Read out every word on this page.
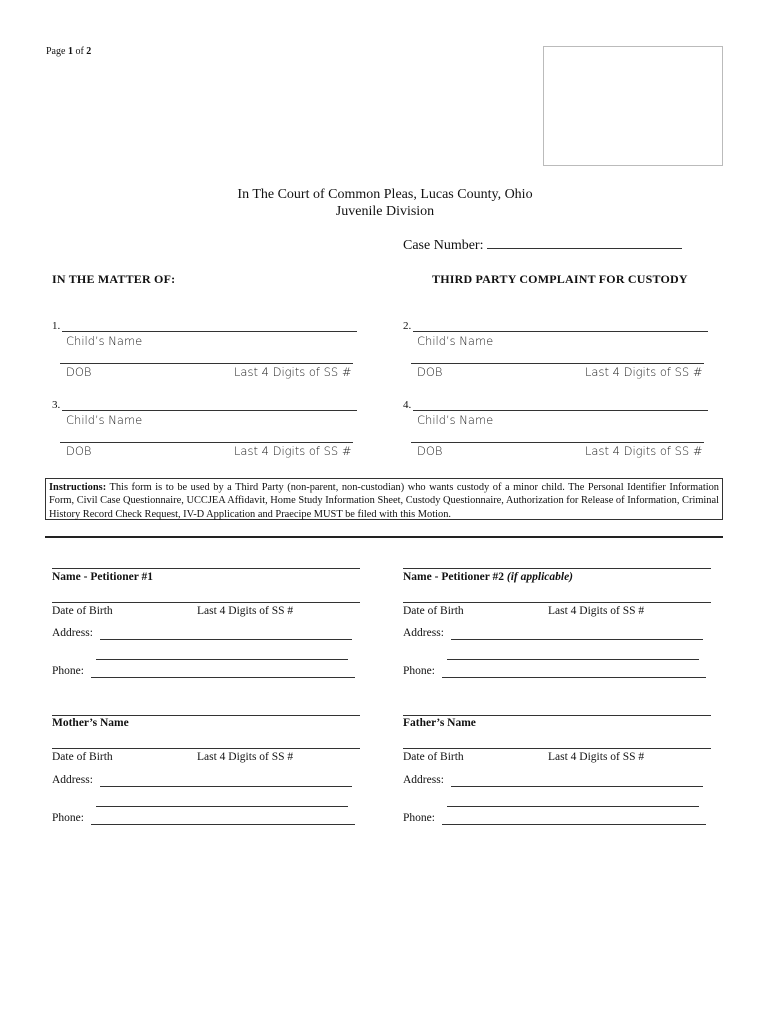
Page 1 of 2
In The Court of Common Pleas, Lucas County, Ohio
Juvenile Division
Case Number:
IN THE MATTER OF:	THIRD PARTY COMPLAINT FOR CUSTODY
1.
Child’s Name
DOB	Last 4 Digits of SS #
2.
Child’s Name
DOB	Last 4 Digits of SS #
3.
Child’s Name
DOB	Last 4 Digits of SS #
4.
Child’s Name
DOB	Last 4 Digits of SS #
Instructions: This form is to be used by a Third Party (non-parent, non-custodian) who wants custody of a minor child. The Personal Identifier Information Form, Civil Case Questionnaire, UCCJEA Affidavit, Home Study Information Sheet, Custody Questionnaire, Authorization for Release of Information, Criminal History Record Check Request, IV-D Application and Praecipe MUST be filed with this Motion.
Name - Petitioner #1
Date of Birth	Last 4 Digits of SS #
Address:
Phone:
Name - Petitioner #2 (if applicable)
Date of Birth	Last 4 Digits of SS #
Address:
Phone:
Mother’s Name
Date of Birth	Last 4 Digits of SS #
Address:
Phone:
Father’s Name
Date of Birth	Last 4 Digits of SS #
Address:
Phone:
